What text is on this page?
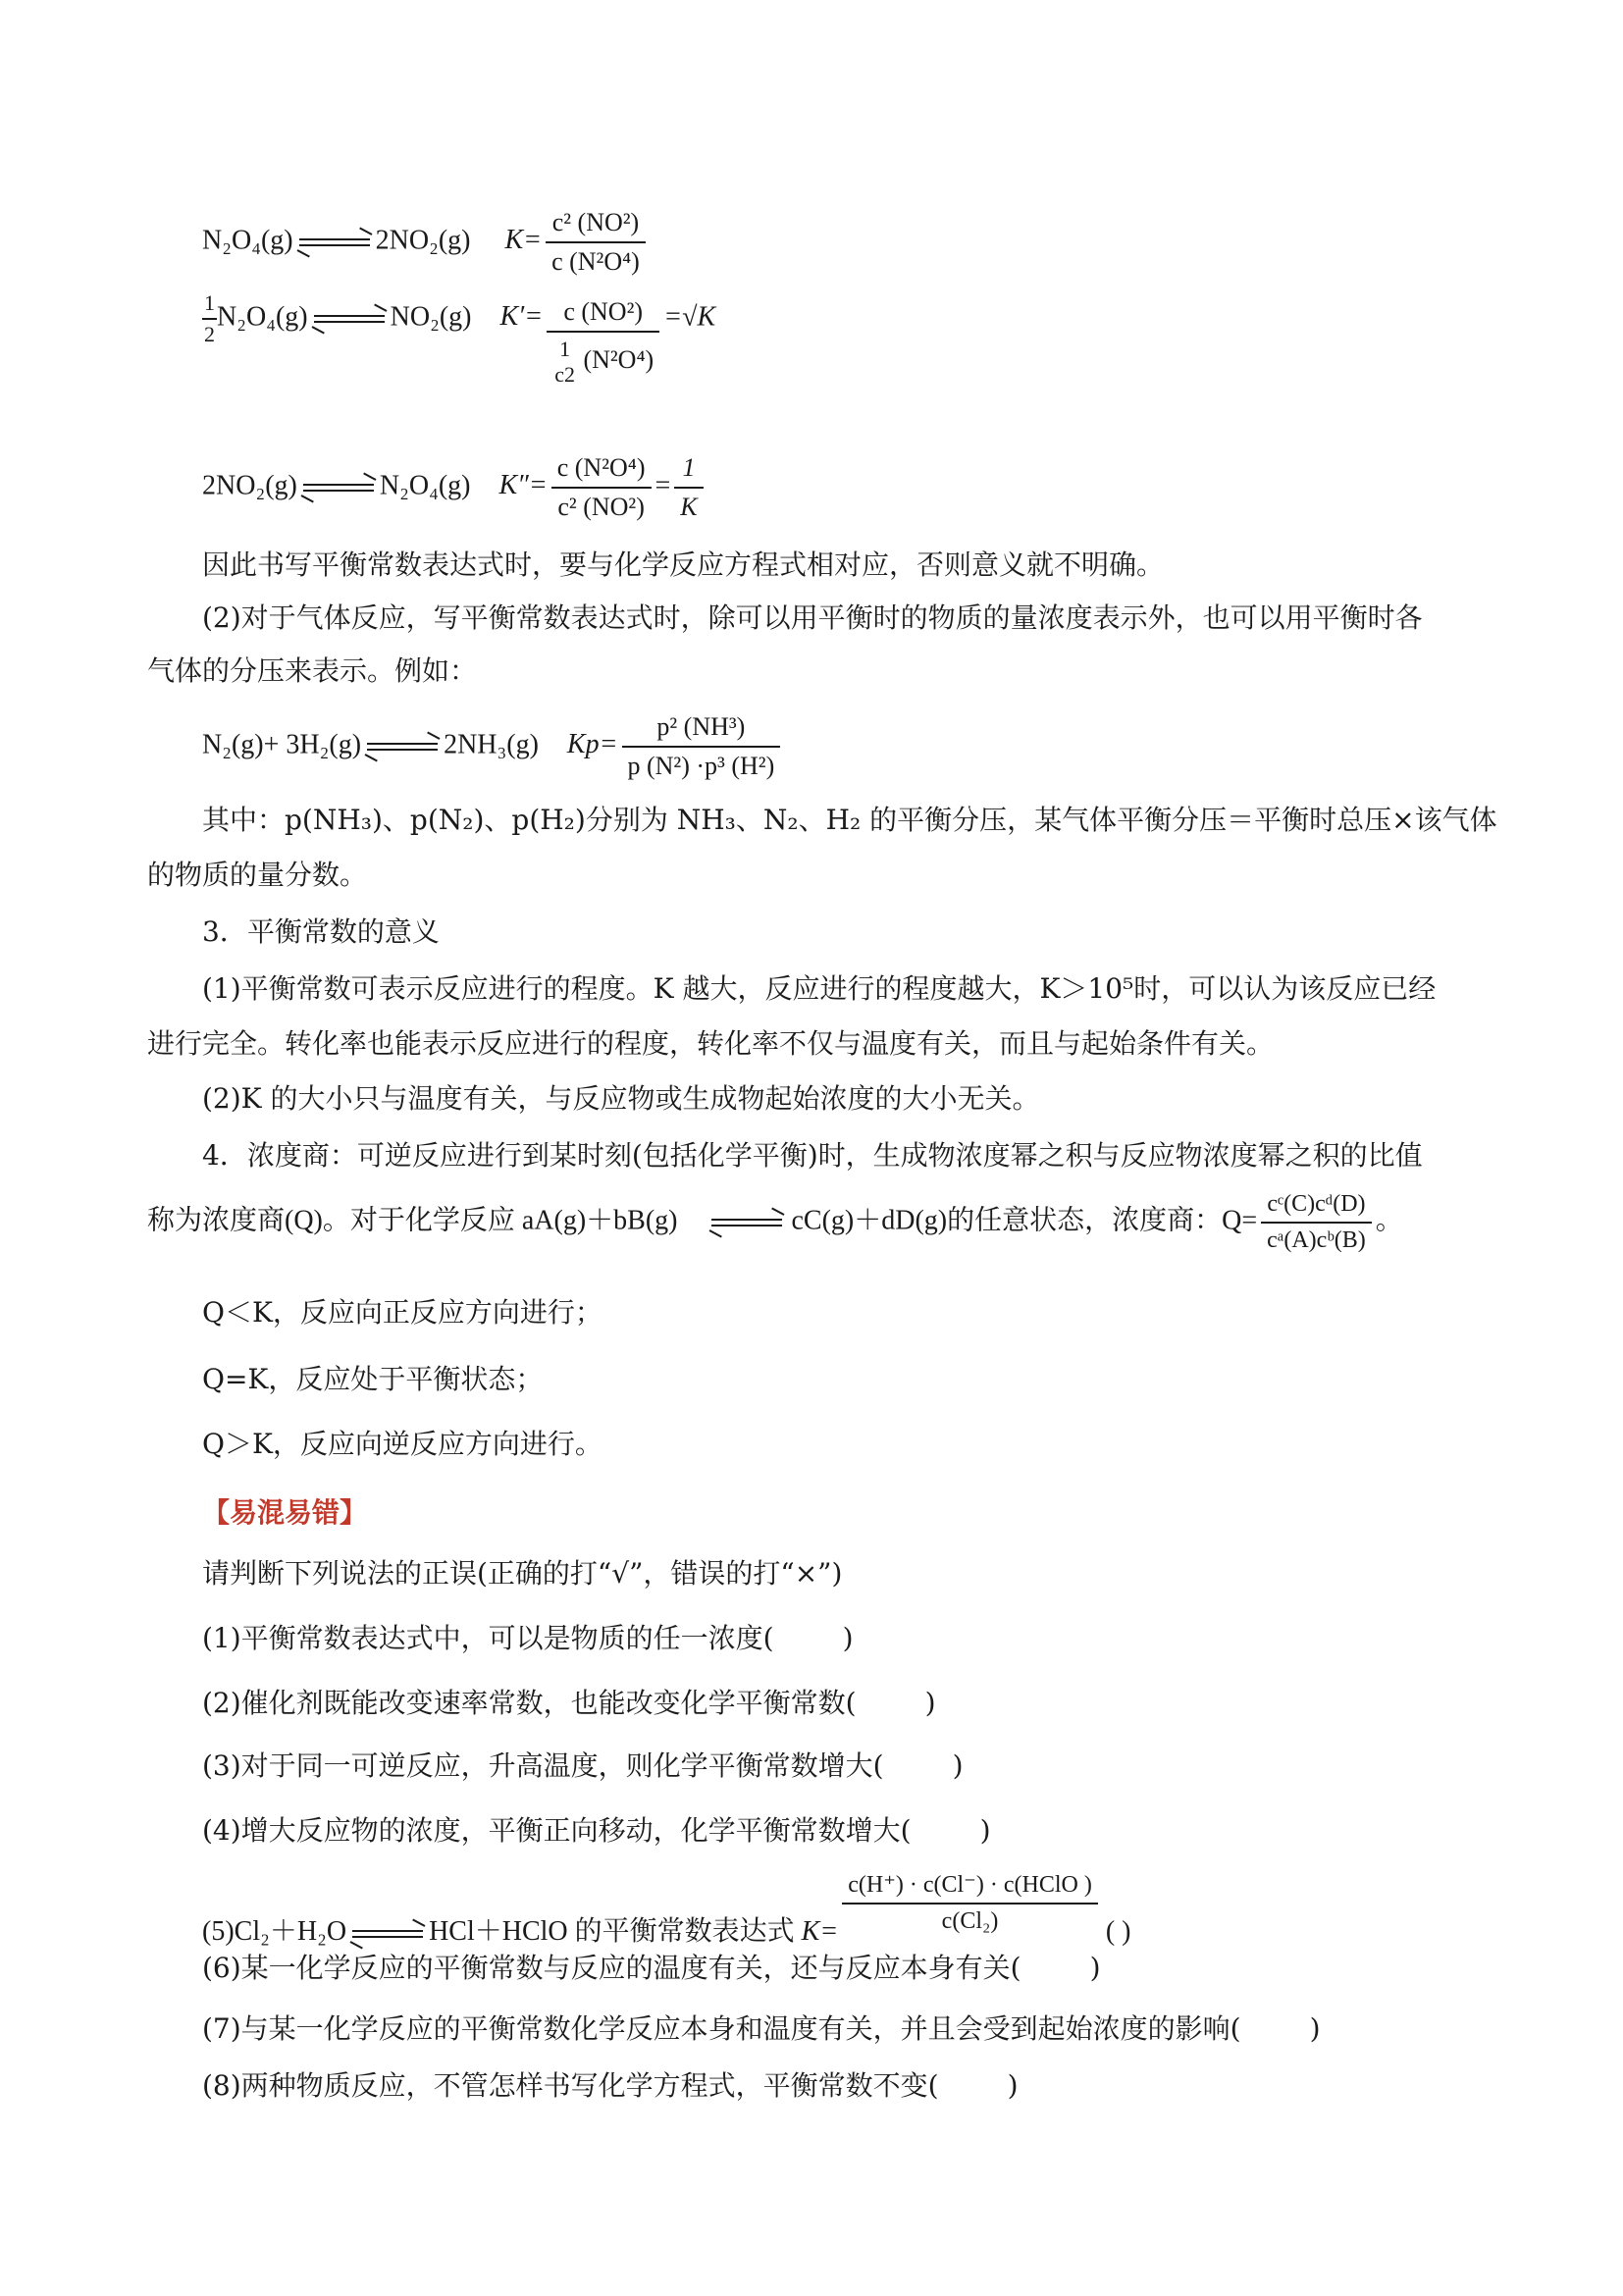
N₂O₄(g)	2NO₂(g) $K= \frac{\text{c² (NO²)}}{\text{c (N²O⁴)}}$
$\frac{1}{2} N_2O_4(g)$	NO₂(g) K′= c (NO²)
1
c2
(N²O⁴) =√K
2NO₂(g)	N₂O₄(g) $K''= \frac{\text{c (N²O⁴)}}{\text{c² (NO²)}} = \frac{1}{K}$
因此书写平衡常数表达式时，要与化学反应方程式相对应，否则意义就不明确。
(2)对于气体反应，写平衡常数表达式时，除可以用平衡时的物质的量浓度表示外，也可以用平衡时各
气体的分压来表示。例如：
N₂(g)+ 3H₂(g)	2NH₃(g) $Kp= \frac{\text{p² (NH³)}}{\text{p (N²) ·p³ (H²)}}$
其中：p(NH₃)、p(N₂)、p(H₂)分别为 NH₃、N₂、H₂ 的平衡分压，某气体平衡分压＝平衡时总压×该气体
的物质的量分数。
3．平衡常数的意义
(1)平衡常数可表示反应进行的程度。K 越大，反应进行的程度越大，K＞10⁵时，可以认为该反应已经
进行完全。转化率也能表示反应进行的程度，转化率不仅与温度有关，而且与起始条件有关。
(2)K 的大小只与温度有关，与反应物或生成物起始浓度的大小无关。
4．浓度商：可逆反应进行到某时刻(包括化学平衡)时，生成物浓度幂之积与反应物浓度幂之积的比值
称为浓度商(Q)。对于化学反应 aA(g)＋bB(g)	cC(g)＋dD(g)的任意状态，浓度商：$Q= \frac{\text{cᶜ(C)cᵈ(D)}}{\text{cᵃ(A)cᵇ(B)}}$ 。
Q＜K，反应向正反应方向进行；
Q=K，反应处于平衡状态；
Q＞K，反应向逆反应方向进行。
【易混易错】
请判断下列说法的正误(正确的打“√”，错误的打“×”)
(1)平衡常数表达式中，可以是物质的任一浓度(	)
(2)催化剂既能改变速率常数，也能改变化学平衡常数(	)
(3)对于同一可逆反应，升高温度，则化学平衡常数增大(	)
(4)增大反应物的浓度，平衡正向移动，化学平衡常数增大(	)
(5)Cl₂＋H₂O	HCl＋HClO 的平衡常数表达式 $K= \frac{\text{c(H⁺) · c(Cl⁻) · c(HClO )}}{\text{c(Cl₂)}}$ ( )
(6)某一化学反应的平衡常数与反应的温度有关，还与反应本身有关(	)
(7)与某一化学反应的平衡常数化学反应本身和温度有关，并且会受到起始浓度的影响(	)
(8)两种物质反应，不管怎样书写化学方程式，平衡常数不变(	)
